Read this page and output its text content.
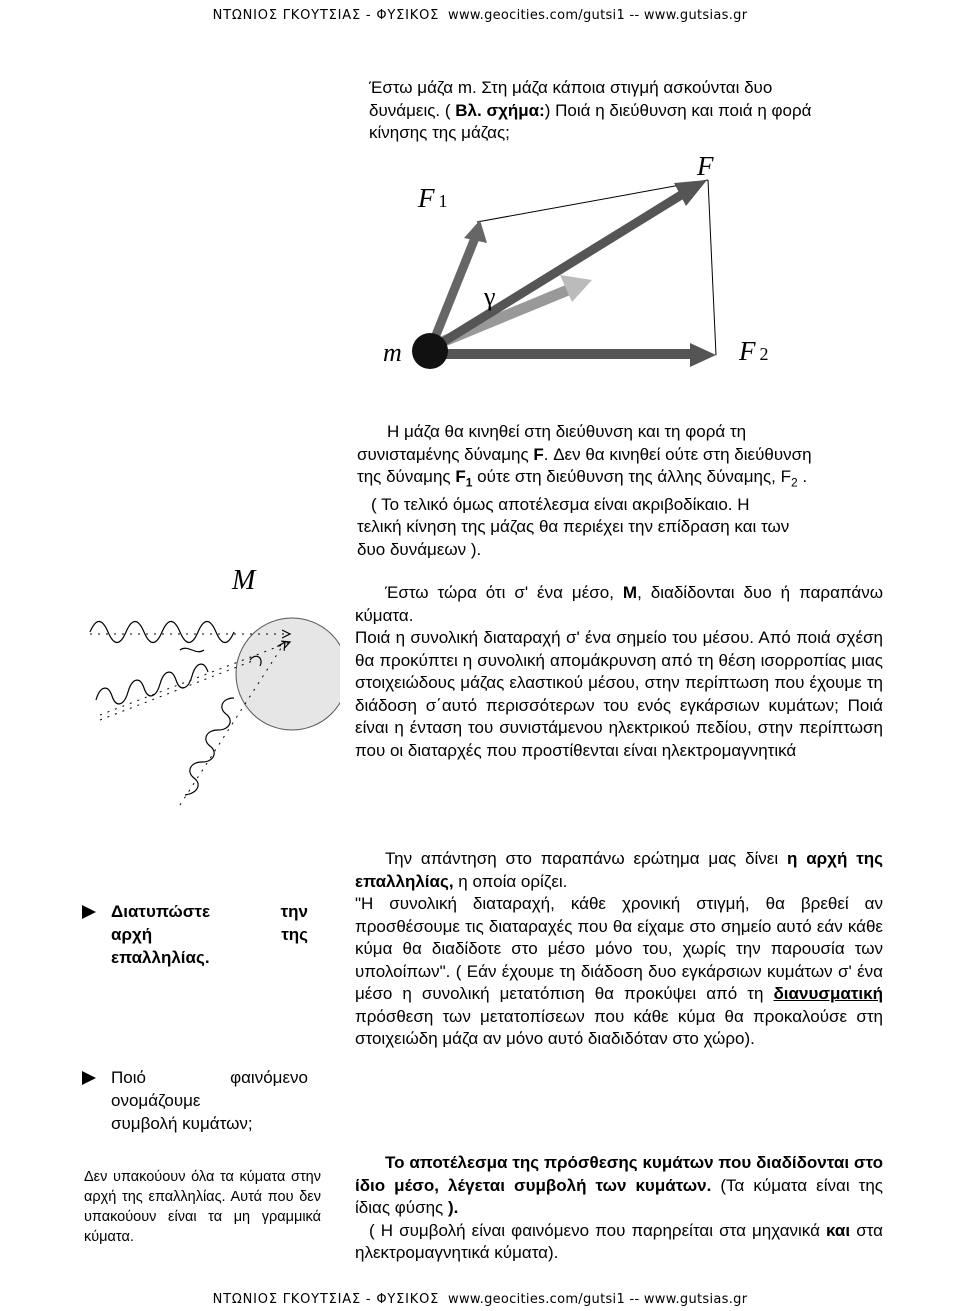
ΝΤΩΝΙΟΣ ΓΚΟΥΤΣΙΑΣ - ΦΥΣΙΚΟΣ www.geocities.com/gutsi1 -- www.gutsias.gr
Έστω μάζα m. Στη μάζα κάποια στιγμή ασκούνται δυο
δυνάμεις. ( Βλ. σχήμα:) Ποιά η διεύθυνση και ποιά η φορά
κίνησης της μάζας;
F 1
F
F 2
γ
m
Η μάζα θα κινηθεί στη διεύθυνση και τη φορά τη
συνισταμένης δύναμης F. Δεν θα κινηθεί ούτε στη διεύθυνση
της δύναμης $F_1$ ούτε στη διεύθυνση της άλλης δύναμης, $F_2$ .
( Το τελικό όμως αποτέλεσμα είναι ακριβοδίκαιο. Η
τελική κίνηση της μάζας θα περιέχει την επίδραση και των
δυο δυνάμεων ).
M	Έστω τώρα ότι σ' ένα μέσο, Μ, διαδίδονται δυο ή παραπάνω κύματα.
Ποιά η συνολική διαταραχή σ' ένα σημείο του μέσου. Από ποιά σχέση θα προκύπτει η συνολική απομάκρυνση από τη θέση ισορροπίας μιας στοιχειώδους μάζας ελαστικού μέσου, στην περίπτωση που έχουμε τη διάδοση σ΄αυτό περισσότερων του ενός εγκάρσιων κυμάτων; Ποιά είναι η ένταση του συνιστάμενου ηλεκτρικού πεδίου, στην περίπτωση που οι διαταρχές που προστίθενται είναι ηλεκτρομαγνητικά
Την απάντηση στο παραπάνω ερώτημα μας δίνει η αρχή της επαλληλίας, η οποία ορίζει.
"Η συνολική διαταραχή, κάθε χρονική στιγμή, θα βρεθεί αν προσθέσουμε τις διαταραχές που θα είχαμε στο σημείο αυτό εάν κάθε κύμα θα διαδίδοτε στο μέσο μόνο του, χωρίς την παρουσία των υπολοίπων". ( Εάν έχουμε τη διάδοση δυο εγκάρσιων κυμάτων σ' ένα μέσο η συνολική μετατόπιση θα προκύψει από τη διανυσματική πρόσθεση των μετατοπίσεων που κάθε κύμα θα προκαλούσε στη στοιχειώδη μάζα αν μόνο αυτό διαδιδόταν στο χώρο).
Το αποτέλεσμα της πρόσθεσης κυμάτων που διαδίδονται στο ίδιο μέσο, λέγεται συμβολή των κυμάτων. (Τα κύματα είναι της ίδιας φύσης ).
( Η συμβολή είναι φαινόμενο που παρηρείται στα μηχανικά και στα ηλεκτρομαγνητικά κύματα).
Διατυπώστε	την
αρχή	της
επαλληλίας.
Ποιό	φαινόμενο
ονομάζουμε
συμβολή κυμάτων;
Δεν υπακούουν όλα τα κύματα στην αρχή της επαλληλίας. Αυτά που δεν υπακούουν είναι τα μη γραμμικά κύματα.
ΝΤΩΝΙΟΣ ΓΚΟΥΤΣΙΑΣ - ΦΥΣΙΚΟΣ www.geocities.com/gutsi1 -- www.gutsias.gr
